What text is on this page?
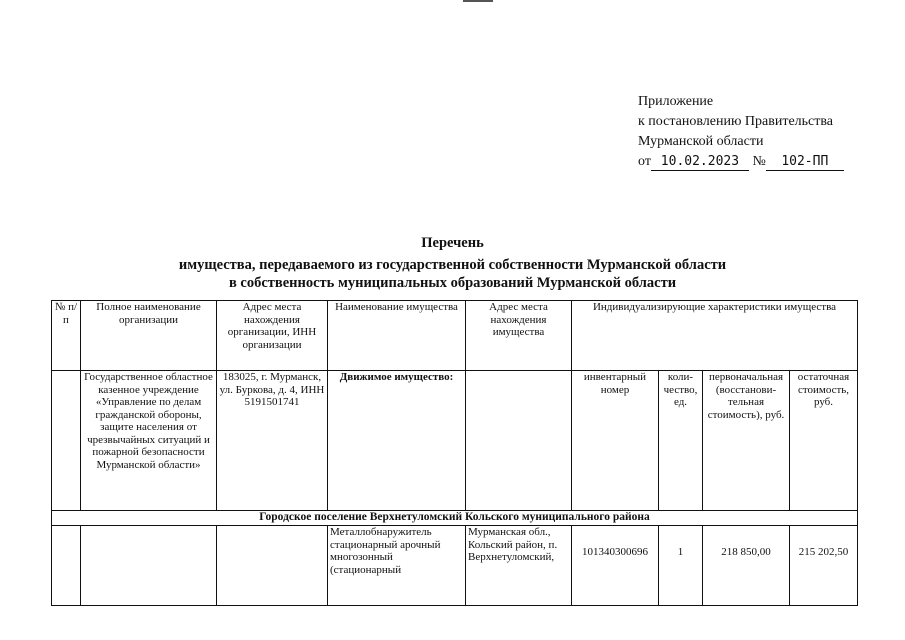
Приложение
к постановлению Правительства
Мурманской области
от 10.02.2023 № 102-ПП
Перечень
имущества, передаваемого из государственной собственности Мурманской области
в собственность муниципальных образований Мурманской области
№ п/п	Полное наименование организации	Адрес места нахождения организации, ИНН организации	Наименование имущества	Адрес места нахождения имущества	Индивидуализирующие характеристики имущества			
	Государственное областное казенное учреждение «Управление по делам гражданской обороны, защите населения от чрезвычайных ситуаций и пожарной безопасности Мурманской области»	183025, г. Мурманск, ул. Буркова, д. 4, ИНН 5191501741	Движимое имущество:		инвентарный номер	коли-чество, ед.	первоначальная (восстанови-тельная стоимость), руб.	остаточная стоимость, руб.
Городское поселение Верхнетуломский Кольского муниципального района								
			Металлобнаружитель стационарный арочный многозонный (стационарный	Мурманская обл., Кольский район, п. Верхнетуломский,	101340300696	1	218 850,00	215 202,50
